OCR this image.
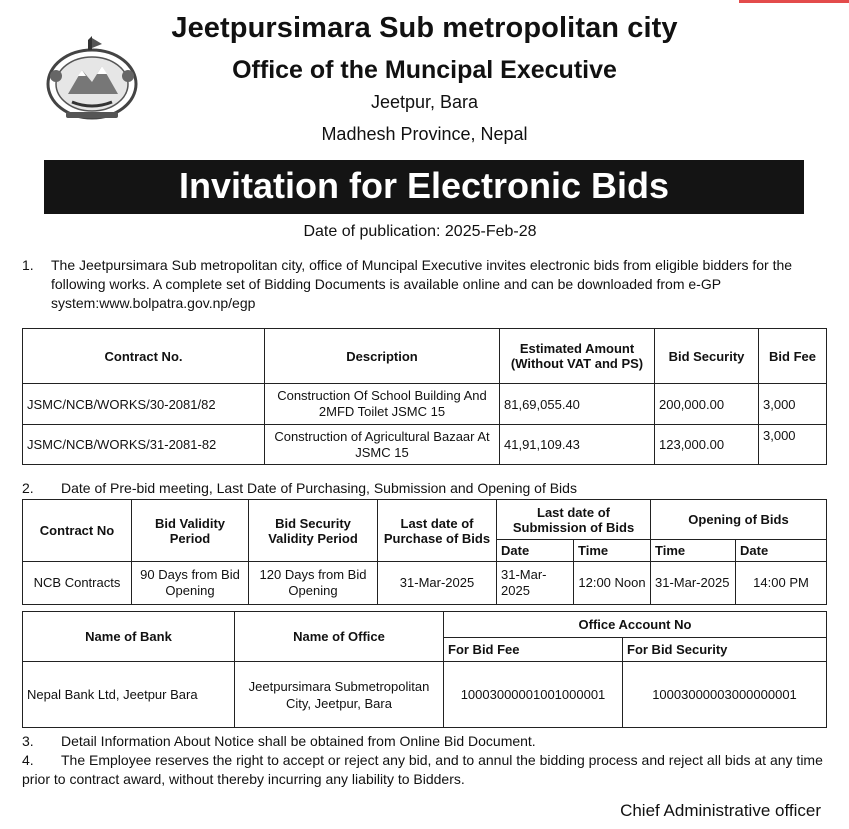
Jeetpursimara Sub metropolitan city
Office of the Muncipal Executive
Jeetpur, Bara
Madhesh Province, Nepal
Invitation for Electronic Bids
Date of publication: 2025-Feb-28
1. The Jeetpursimara Sub metropolitan city, office of Muncipal Executive invites electronic bids from eligible bidders for the following works. A complete set of Bidding Documents is available online and can be downloaded from e-GP system:www.bolpatra.gov.np/egp
Contract No.	Description	Estimated Amount (Without VAT and PS)	Bid Security	Bid Fee
JSMC/NCB/WORKS/30-2081/82	Construction Of School Building And 2MFD Toilet JSMC 15	81,69,055.40	200,000.00	3,000
JSMC/NCB/WORKS/31-2081-82	Construction of Agricultural Bazaar At JSMC 15	41,91,109.43	123,000.00	3,000
2. Date of Pre-bid meeting, Last Date of Purchasing, Submission and Opening of Bids
Contract No	Bid Validity Period	Bid Security Validity Period	Last date of Purchase of Bids	Last date of Submission of Bids		Opening of Bids	
				Date	Time	Time	Date
NCB Contracts	90 Days from Bid Opening	120 Days from Bid Opening	31-Mar-2025	31-Mar-2025	12:00 Noon	31-Mar-2025	14:00 PM
Name of Bank	Name of Office	Office Account No	
		For Bid Fee	For Bid Security
Nepal Bank Ltd, Jeetpur Bara	Jeetpursimara Submetropolitan City, Jeetpur, Bara	10003000001001000001	10003000003000000001
3. Detail Information About Notice shall be obtained from Online Bid Document.
4.	The Employee reserves the right to accept or reject any bid, and to annul the bidding process and reject all bids at any time prior to contract award, without thereby incurring any liability to Bidders.
Chief Administrative officer
